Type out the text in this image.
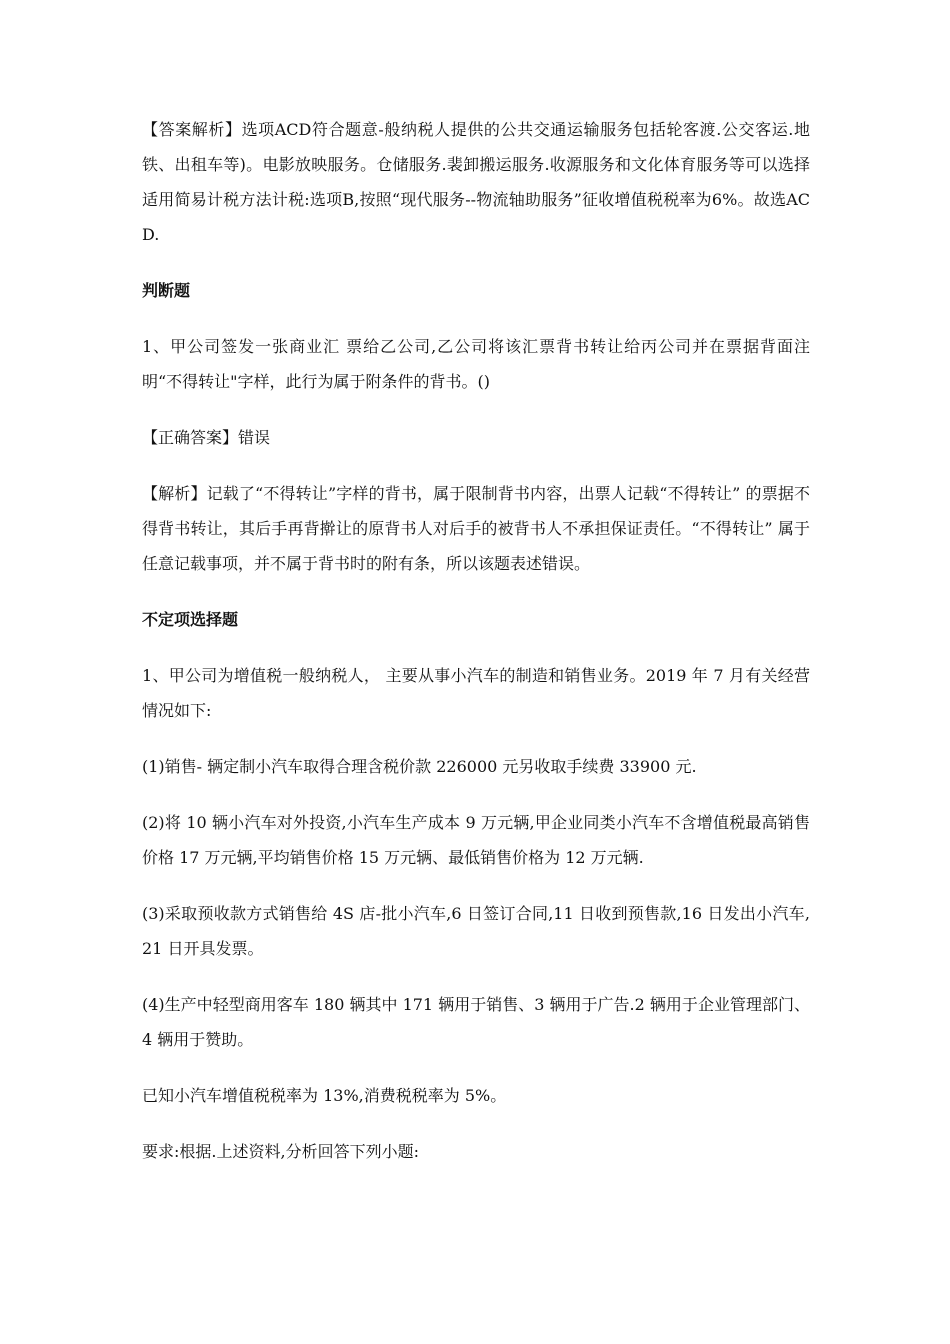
【答案解析】选项ACD符合题意-般纳税人提供的公共交通运输服务包括轮客渡.公交客运.地铁、出租车等)。电影放映服务。仓储服务.裴卸搬运服务.收源服务和文化体育服务等可以选择适用简易计税方法计税:选项B,按照“现代服务--物流轴助服务”征收增值税税率为6%。故选ACD.

判断题

1、甲公司签发一张商业汇 票给乙公司,乙公司将该汇票背书转让给丙公司并在票据背面注明“不得转让"字样，此行为属于附条件的背书。()

【正确答案】错误

【解析】记载了“不得转让”字样的背书，属于限制背书内容，出票人记载“不得转让” 的票据不得背书转让，其后手再背擀让的原背书人对后手的被背书人不承担保证责任。“不得转让” 属于任意记载事项，并不属于背书时的附有条，所以该题表述错误。

不定项选择题

1、甲公司为增值税一般纳税人， 主要从事小汽车的制造和销售业务。2019 年 7 月有关经营情况如下:

(1)销售- 辆定制小汽车取得合理含税价款 226000 元另收取手续费 33900 元.

(2)将 10 辆小汽车对外投资,小汽车生产成本 9 万元辆,甲企业同类小汽车不含增值税最高销售价格 17 万元辆,平均销售价格 15 万元辆、最低销售价格为 12 万元辆.

(3)采取预收款方式销售给 4S 店-批小汽车,6 日签订合同,11 日收到预售款,16 日发出小汽车,21 日开具发票。

(4)生产中轻型商用客车 180 辆其中 171 辆用于销售、3 辆用于广告.2 辆用于企业管理部门、4 辆用于赞助。

已知小汽车增值税税率为 13%,消费税税率为 5%。

要求:根据.上述资料,分析回答下列小题:
